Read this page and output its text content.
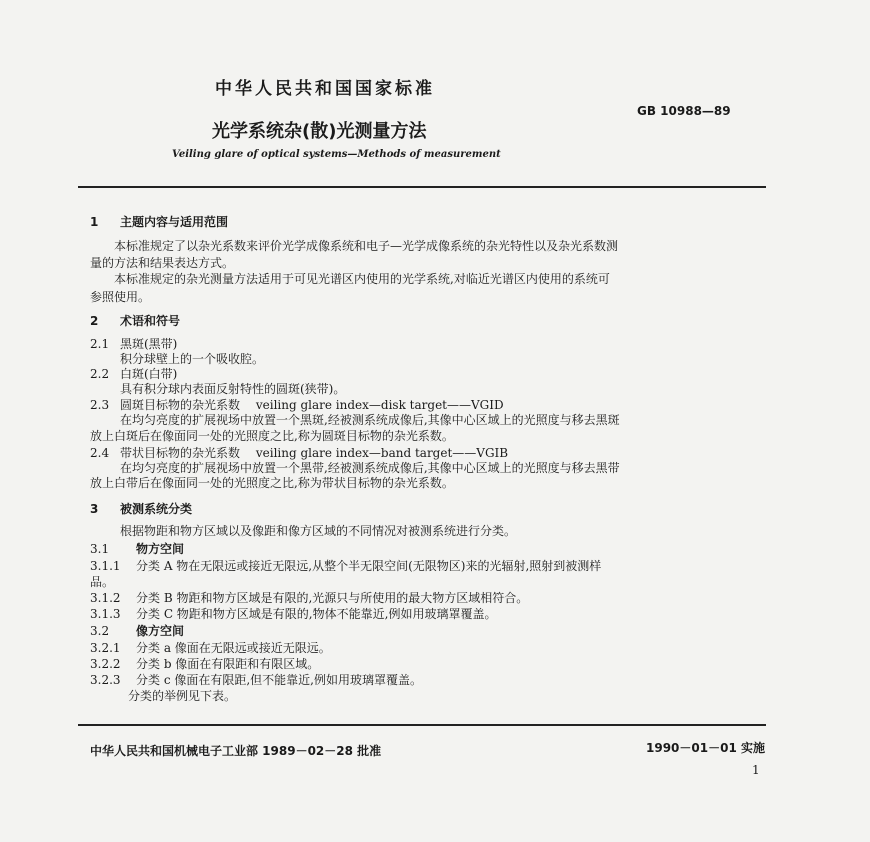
中华人民共和国国家标准
GB 10988—89
光学系统杂(散)光测量方法
Veiling glare of optical systems—Methods of measurement
1 主题内容与适用范围
本标准规定了以杂光系数来评价光学成像系统和电子—光学成像系统的杂光特性以及杂光系数测
量的方法和结果表达方式。
本标准规定的杂光测量方法适用于可见光谱区内使用的光学系统,对临近光谱区内使用的系统可
参照使用。
2 术语和符号
2.1 黑斑(黑带)
积分球壁上的一个吸收腔。
2.2 白斑(白带)
具有积分球内表面反射特性的圆斑(狭带)。
2.3 圆斑目标物的杂光系数 veiling glare index—disk target——VGID
在均匀亮度的扩展视场中放置一个黑斑,经被测系统成像后,其像中心区域上的光照度与移去黑斑
放上白斑后在像面同一处的光照度之比,称为圆斑目标物的杂光系数。
2.4 带状目标物的杂光系数 veiling glare index—band target——VGIB
在均匀亮度的扩展视场中放置一个黑带,经被测系统成像后,其像中心区域上的光照度与移去黑带
放上白带后在像面同一处的光照度之比,称为带状目标物的杂光系数。
3 被测系统分类
根据物距和物方区域以及像距和像方区域的不同情况对被测系统进行分类。
3.1 物方空间
3.1.1 分类 A 物在无限远或接近无限远,从整个半无限空间(无限物区)来的光辐射,照射到被测样
品。
3.1.2 分类 B 物距和物方区域是有限的,光源只与所使用的最大物方区域相符合。
3.1.3 分类 C 物距和物方区域是有限的,物体不能靠近,例如用玻璃罩覆盖。
3.2 像方空间
3.2.1 分类 a 像面在无限远或接近无限远。
3.2.2 分类 b 像面在有限距和有限区域。
3.2.3 分类 c 像面在有限距,但不能靠近,例如用玻璃罩覆盖。
分类的举例见下表。
中华人民共和国机械电子工业部 1989－02－28 批准	1990－01－01 实施
1
